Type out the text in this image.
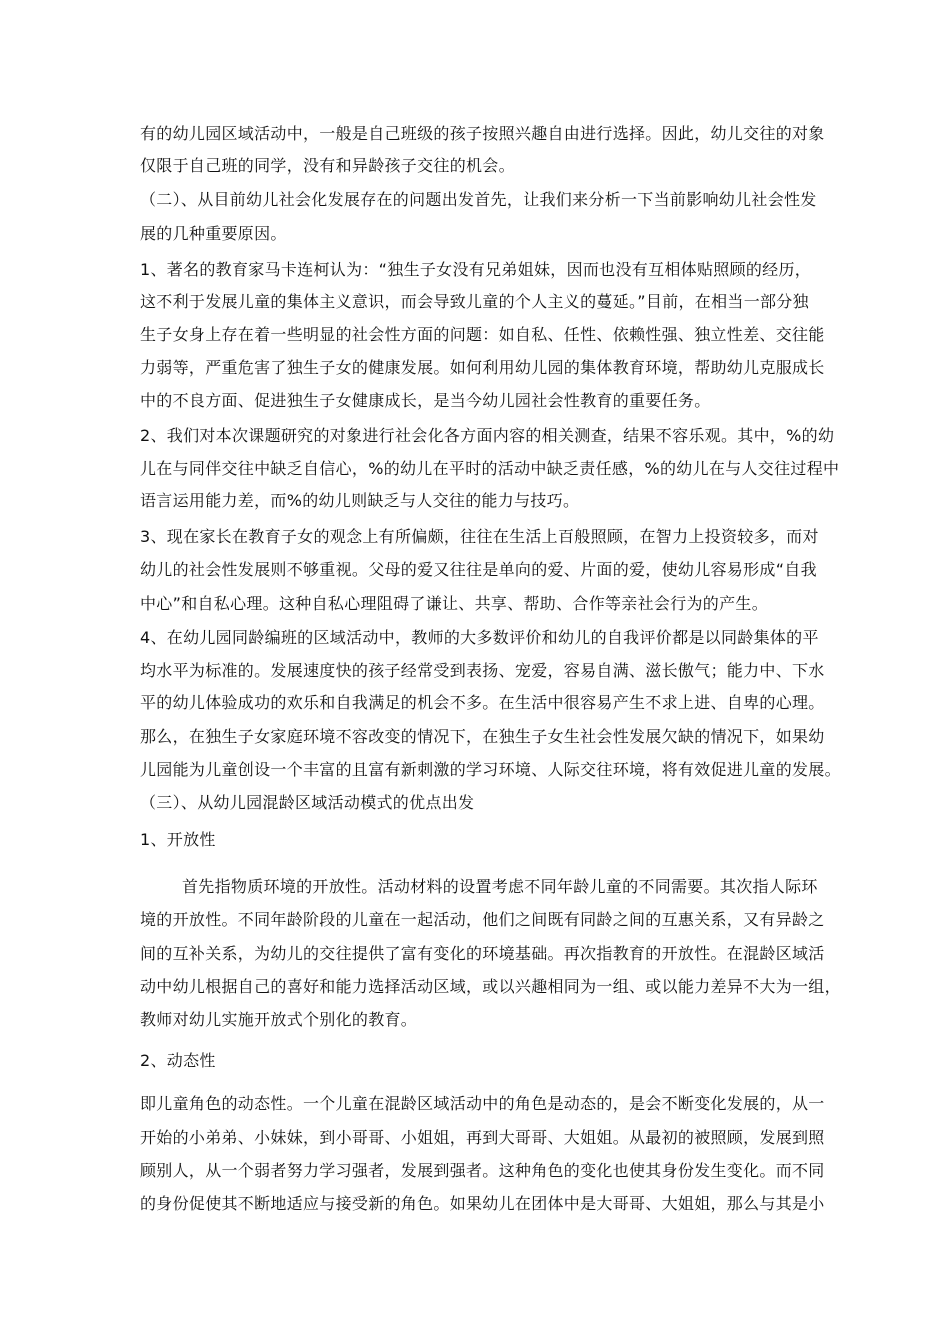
有的幼儿园区域活动中，一般是自己班级的孩子按照兴趣自由进行选择。因此，幼儿交往的对象
仅限于自己班的同学，没有和异龄孩子交往的机会。
（二）、从目前幼儿社会化发展存在的问题出发首先，让我们来分析一下当前影响幼儿社会性发
展的几种重要原因。
1、著名的教育家马卡连柯认为：“独生子女没有兄弟姐妹，因而也没有互相体贴照顾的经历，
这不利于发展儿童的集体主义意识，而会导致儿童的个人主义的蔓延。”目前，在相当一部分独
生子女身上存在着一些明显的社会性方面的问题：如自私、任性、依赖性强、独立性差、交往能
力弱等，严重危害了独生子女的健康发展。如何利用幼儿园的集体教育环境，帮助幼儿克服成长
中的不良方面、促进独生子女健康成长，是当今幼儿园社会性教育的重要任务。
2、我们对本次课题研究的对象进行社会化各方面内容的相关测查，结果不容乐观。其中，%的幼
儿在与同伴交往中缺乏自信心，%的幼儿在平时的活动中缺乏责任感，%的幼儿在与人交往过程中
语言运用能力差，而%的幼儿则缺乏与人交往的能力与技巧。
3、现在家长在教育子女的观念上有所偏颇，往往在生活上百般照顾，在智力上投资较多，而对
幼儿的社会性发展则不够重视。父母的爱又往往是单向的爱、片面的爱，使幼儿容易形成“自我
中心”和自私心理。这种自私心理阻碍了谦让、共享、帮助、合作等亲社会行为的产生。
4、在幼儿园同龄编班的区域活动中，教师的大多数评价和幼儿的自我评价都是以同龄集体的平
均水平为标准的。发展速度快的孩子经常受到表扬、宠爱，容易自满、滋长傲气；能力中、下水
平的幼儿体验成功的欢乐和自我满足的机会不多。在生活中很容易产生不求上进、自卑的心理。
那么，在独生子女家庭环境不容改变的情况下，在独生子女生社会性发展欠缺的情况下，如果幼
儿园能为儿童创设一个丰富的且富有新刺激的学习环境、人际交往环境，将有效促进儿童的发展。
（三）、从幼儿园混龄区域活动模式的优点出发
1、开放性
首先指物质环境的开放性。活动材料的设置考虑不同年龄儿童的不同需要。其次指人际环
境的开放性。不同年龄阶段的儿童在一起活动，他们之间既有同龄之间的互惠关系，又有异龄之
间的互补关系，为幼儿的交往提供了富有变化的环境基础。再次指教育的开放性。在混龄区域活
动中幼儿根据自己的喜好和能力选择活动区域，或以兴趣相同为一组、或以能力差异不大为一组，
教师对幼儿实施开放式个别化的教育。
2、动态性
即儿童角色的动态性。一个儿童在混龄区域活动中的角色是动态的，是会不断变化发展的，从一
开始的小弟弟、小妹妹，到小哥哥、小姐姐，再到大哥哥、大姐姐。从最初的被照顾，发展到照
顾别人，从一个弱者努力学习强者，发展到强者。这种角色的变化也使其身份发生变化。而不同
的身份促使其不断地适应与接受新的角色。如果幼儿在团体中是大哥哥、大姐姐，那么与其是小
